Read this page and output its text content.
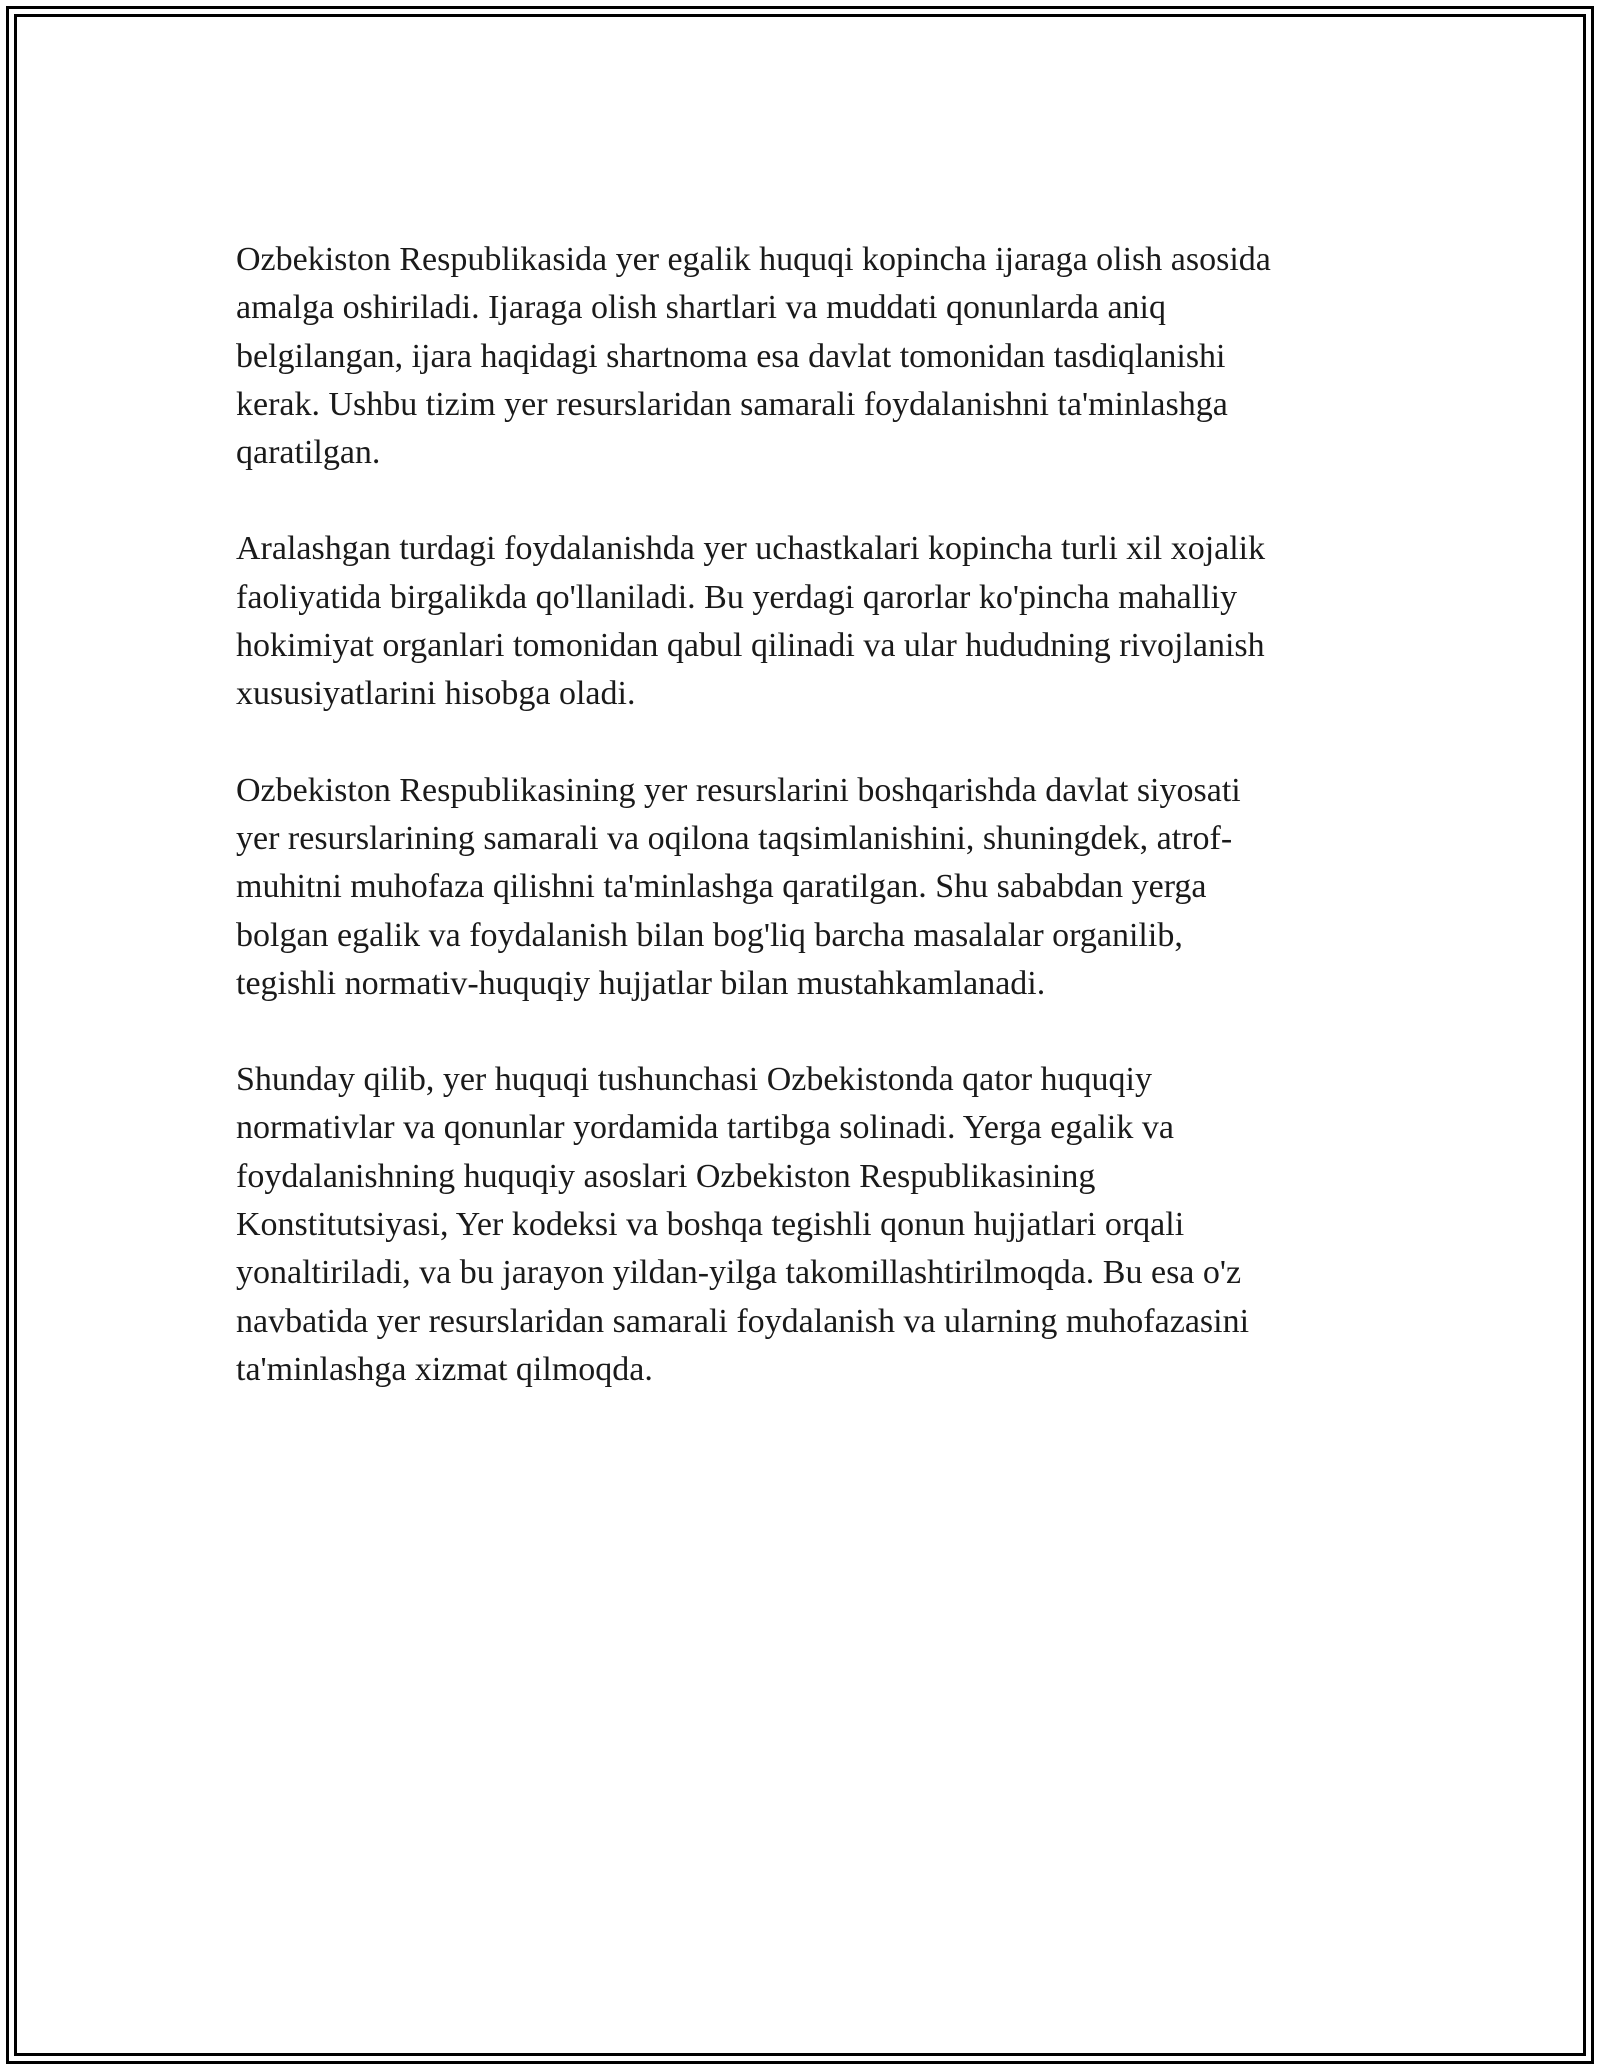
Ozbekiston Respublikasida yer egalik huquqi kopincha ijaraga olish asosida
amalga oshiriladi. Ijaraga olish shartlari va muddati qonunlarda aniq
belgilangan, ijara haqidagi shartnoma esa davlat tomonidan tasdiqlanishi
kerak. Ushbu tizim yer resurslaridan samarali foydalanishni ta'minlashga
qaratilgan.

Aralashgan turdagi foydalanishda yer uchastkalari kopincha turli xil xojalik
faoliyatida birgalikda qo'llaniladi. Bu yerdagi qarorlar ko'pincha mahalliy
hokimiyat organlari tomonidan qabul qilinadi va ular hududning rivojlanish
xususiyatlarini hisobga oladi.

Ozbekiston Respublikasining yer resurslarini boshqarishda davlat siyosati
yer resurslarining samarali va oqilona taqsimlanishini, shuningdek, atrof-
muhitni muhofaza qilishni ta'minlashga qaratilgan. Shu sababdan yerga
bolgan egalik va foydalanish bilan bog'liq barcha masalalar organilib,
tegishli normativ-huquqiy hujjatlar bilan mustahkamlanadi.

Shunday qilib, yer huquqi tushunchasi Ozbekistonda qator huquqiy
normativlar va qonunlar yordamida tartibga solinadi. Yerga egalik va
foydalanishning huquqiy asoslari Ozbekiston Respublikasining
Konstitutsiyasi, Yer kodeksi va boshqa tegishli qonun hujjatlari orqali
yonaltiriladi, va bu jarayon yildan-yilga takomillashtirilmoqda. Bu esa o'z
navbatida yer resurslaridan samarali foydalanish va ularning muhofazasini
ta'minlashga xizmat qilmoqda.
